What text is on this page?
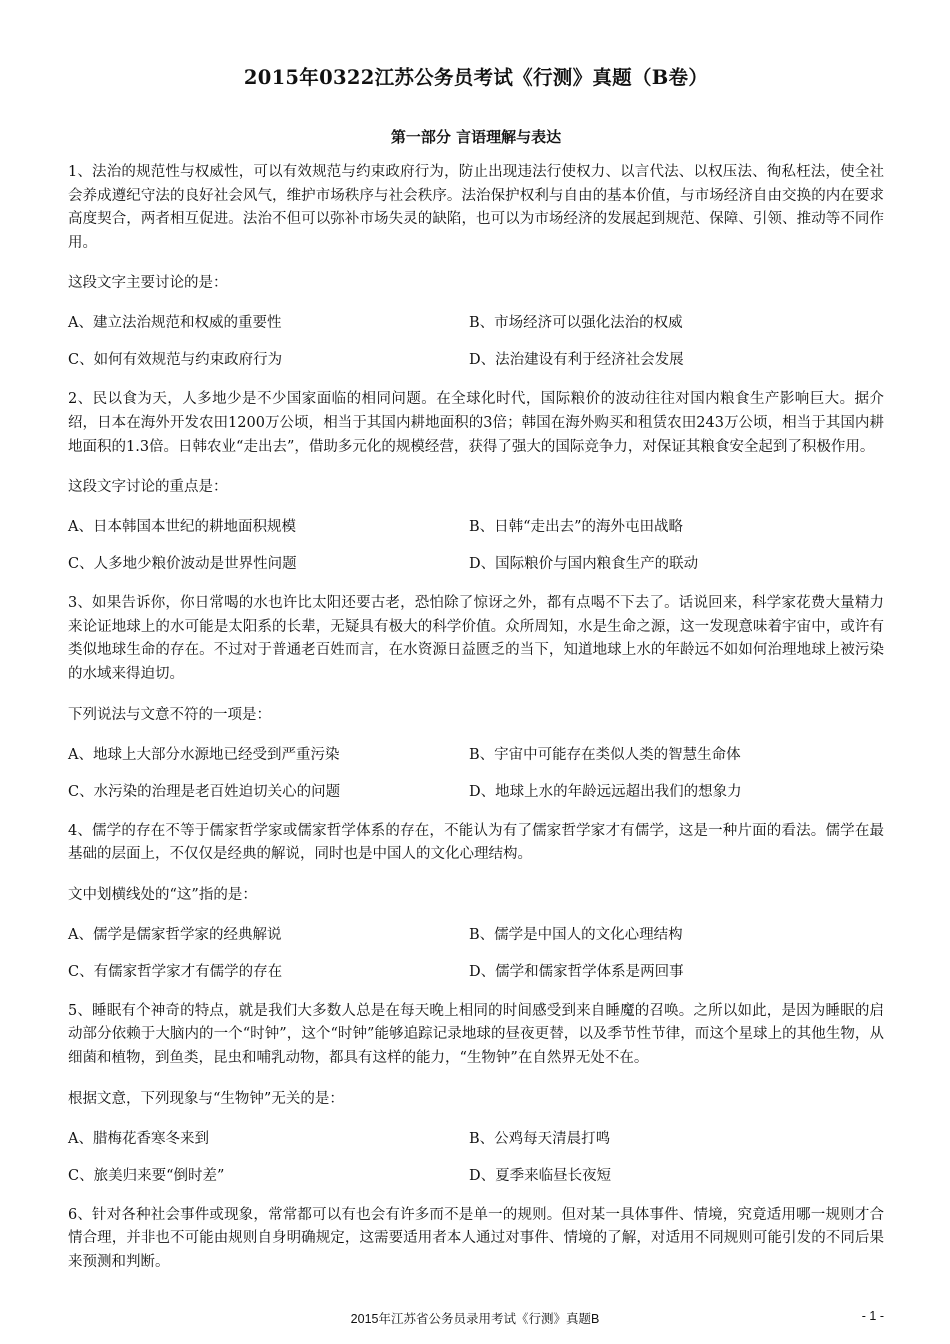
2015年0322江苏公务员考试《行测》真题（B卷）
第一部分 言语理解与表达

1、法治的规范性与权威性，可以有效规范与约束政府行为，防止出现违法行使权力、以言代法、以权压法、徇私枉法，使全社会养成遵纪守法的良好社会风气，维护市场秩序与社会秩序。法治保护权利与自由的基本价值，与市场经济自由交换的内在要求高度契合，两者相互促进。法治不但可以弥补市场失灵的缺陷，也可以为市场经济的发展起到规范、保障、引领、推动等不同作用。

这段文字主要讨论的是：

A、建立法治规范和权威的重要性	B、市场经济可以强化法治的权威
C、如何有效规范与约束政府行为	D、法治建设有利于经济社会发展

2、民以食为天，人多地少是不少国家面临的相同问题。在全球化时代，国际粮价的波动往往对国内粮食生产影响巨大。据介绍，日本在海外开发农田1200万公顷，相当于其国内耕地面积的3倍；韩国在海外购买和租赁农田243万公顷，相当于其国内耕地面积的1.3倍。日韩农业“走出去”，借助多元化的规模经营，获得了强大的国际竞争力，对保证其粮食安全起到了积极作用。

这段文字讨论的重点是：

A、日本韩国本世纪的耕地面积规模	B、日韩“走出去”的海外屯田战略
C、人多地少粮价波动是世界性问题	D、国际粮价与国内粮食生产的联动

3、如果告诉你，你日常喝的水也许比太阳还要古老，恐怕除了惊讶之外，都有点喝不下去了。话说回来，科学家花费大量精力来论证地球上的水可能是太阳系的长辈，无疑具有极大的科学价值。众所周知，水是生命之源，这一发现意味着宇宙中，或许有类似地球生命的存在。不过对于普通老百姓而言，在水资源日益匮乏的当下，知道地球上水的年龄远不如如何治理地球上被污染的水域来得迫切。

下列说法与文意不符的一项是：

A、地球上大部分水源地已经受到严重污染	B、宇宙中可能存在类似人类的智慧生命体
C、水污染的治理是老百姓迫切关心的问题	D、地球上水的年龄远远超出我们的想象力

4、儒学的存在不等于儒家哲学家或儒家哲学体系的存在，不能认为有了儒家哲学家才有儒学，这是一种片面的看法。儒学在最基础的层面上，不仅仅是经典的解说，同时也是中国人的文化心理结构。

文中划横线处的“这”指的是：

A、儒学是儒家哲学家的经典解说	B、儒学是中国人的文化心理结构
C、有儒家哲学家才有儒学的存在	D、儒学和儒家哲学体系是两回事

5、睡眠有个神奇的特点，就是我们大多数人总是在每天晚上相同的时间感受到来自睡魔的召唤。之所以如此，是因为睡眠的启动部分依赖于大脑内的一个“时钟”，这个“时钟”能够追踪记录地球的昼夜更替，以及季节性节律，而这个星球上的其他生物，从细菌和植物，到鱼类，昆虫和哺乳动物，都具有这样的能力，“生物钟”在自然界无处不在。

根据文意，下列现象与“生物钟”无关的是：

A、腊梅花香寒冬来到	B、公鸡每天清晨打鸣
C、旅美归来要“倒时差”	D、夏季来临昼长夜短

6、针对各种社会事件或现象，常常都可以有也会有许多而不是单一的规则。但对某一具体事件、情境，究竟适用哪一规则才合情合理，并非也不可能由规则自身明确规定，这需要适用者本人通过对事件、情境的了解，对适用不同规则可能引发的不同后果来预测和判断。

2015年江苏省公务员录用考试《行测》真题B	- 1 -
